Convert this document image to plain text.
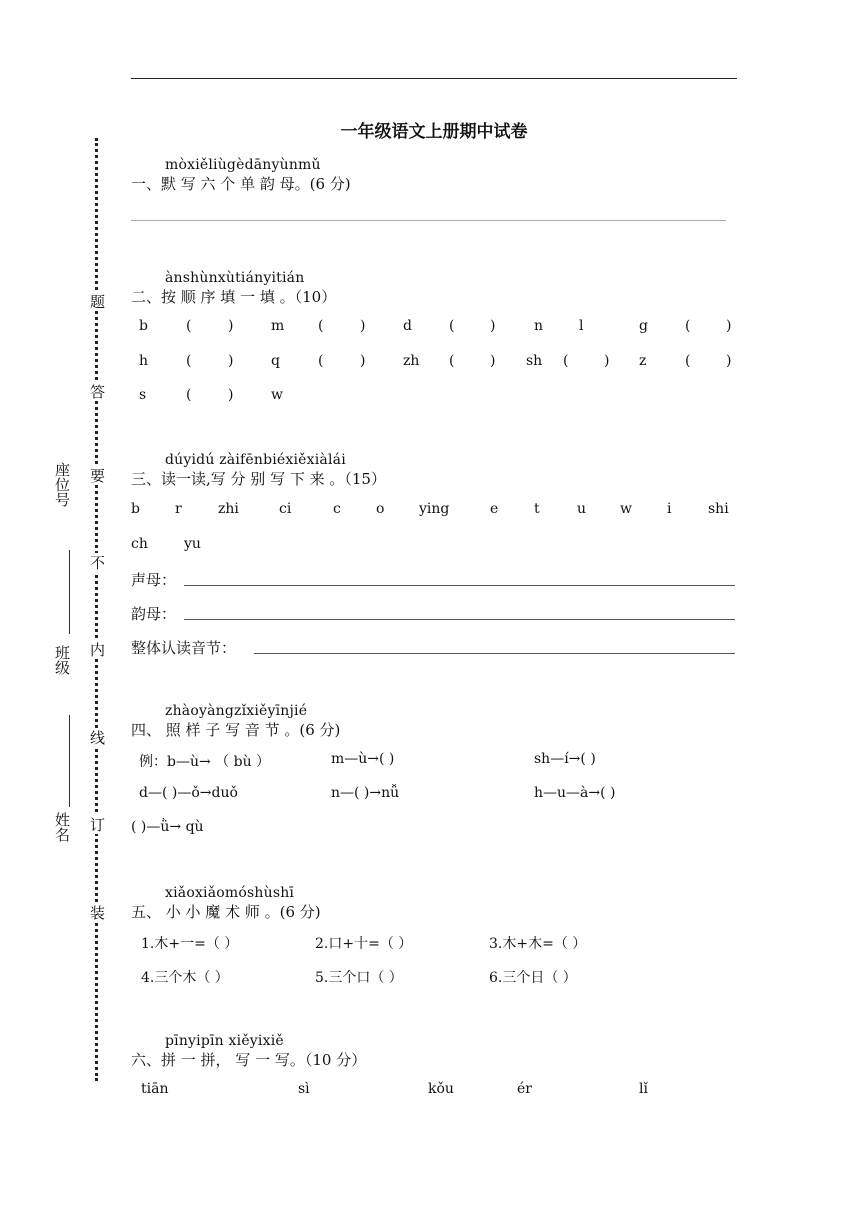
一年级语文上册期中试卷
题
答
要
不
内
线
订
装
座位号
班级
姓名
mòxiěliùgèdānyùnmǔ
一、默 写 六 个 单 韵 母。(6 分)
ànshùnxùtiányitián
二、按 顺 序 填 一 填 。（10）
b	(	)	m (	)	d	(	)	n	l	g	(	)
h	(	)	q	(	)	zh (	) sh (	) z	(	)
s	(	)	w
dúyidú zàifēnbiéxiěxiàlái
三、读一读,写 分 别 写 下 来 。（15）
b	r	zhi	ci	c	o ying	e	t	u w	i	shi
ch	yu
声母：
韵母：
整体认读音节：
zhàoyàngzǐxiěyīnjié
四、 照 样 子 写 音 节 。(6 分)
例：b—ù→ （ bù ）	m—ù→( )	sh—í→( )
d—( )—ǒ→duǒ	n—( )→nǚ	h—u—à→( )
( )—ǜ→ qù
xiǎoxiǎomóshùshī
五、 小 小 魔 术 师 。(6 分)
1.木+一=（ ）	2.口+十=（ ）	3.木+木=（ ）
4.三个木（ ）	5.三个口（ ）	6.三个日（ ）
pīnyipīn xiěyixiě
六、拼 一 拼， 写 一 写。（10 分）
tiān	sì	kǒu	ér	lǐ
